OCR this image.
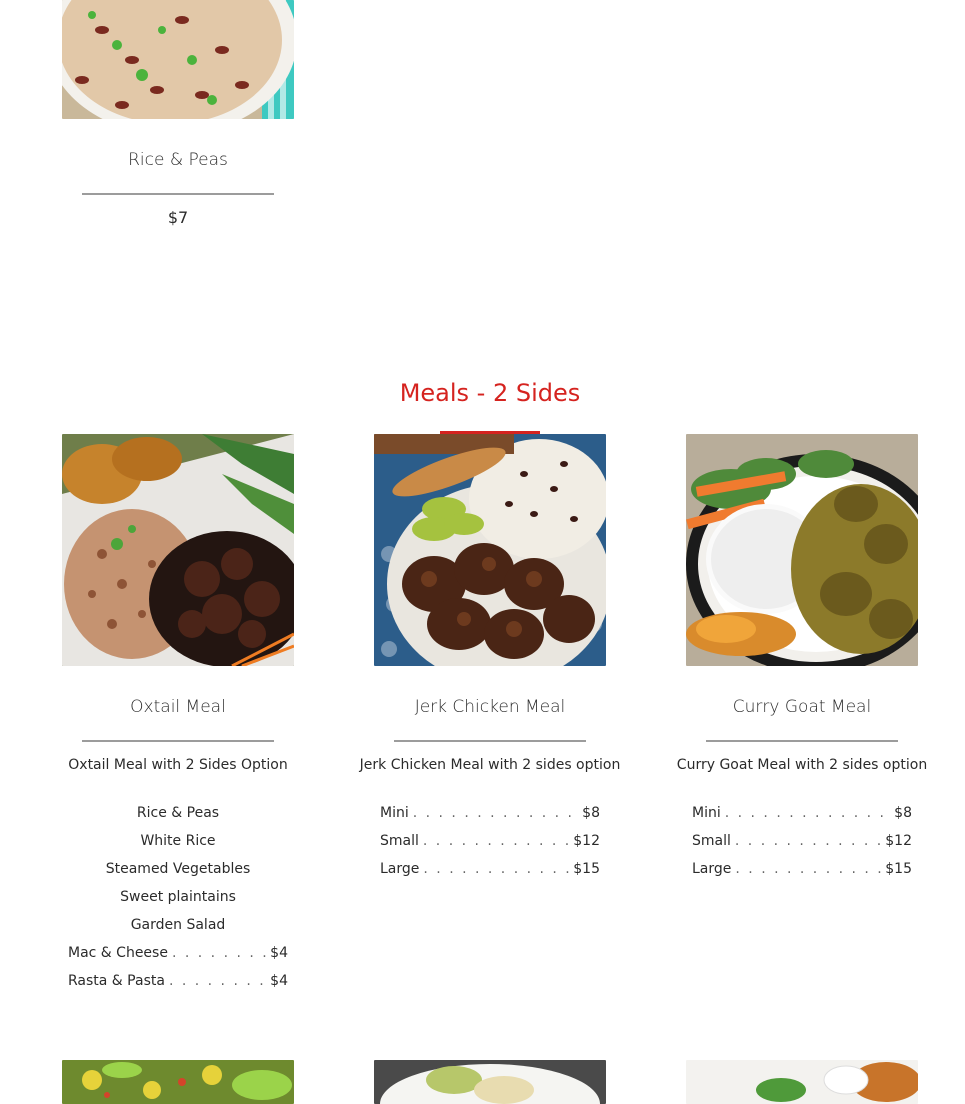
Rice & Peas
$7
Meals - 2 Sides
Oxtail Meal
Oxtail Meal with 2 Sides Option
Rice & Peas
White Rice
Steamed Vegetables
Sweet plaintains
Garden Salad
Mac & Cheese . . .	$4
Rasta & Pasta . . .	$4
Jerk Chicken Meal
Jerk Chicken Meal with 2 sides option
Mini . . .	$8
Small . . .	$12
Large . . .	$15
Curry Goat Meal
Curry Goat Meal with 2 sides option
Mini . . .	$8
Small . . .	$12
Large . . .	$15
